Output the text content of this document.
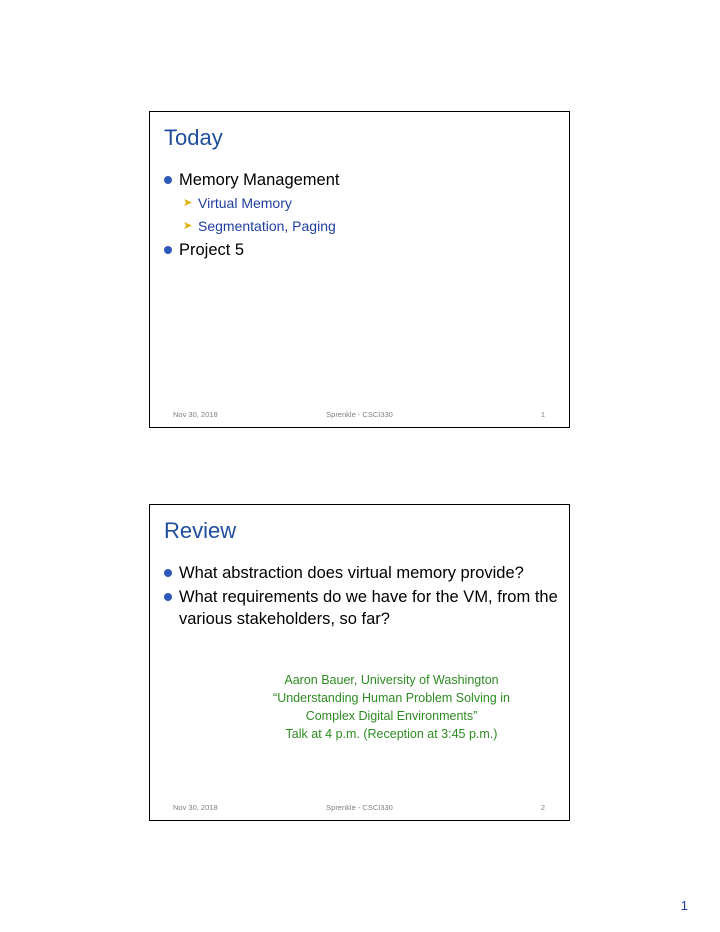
Today
Memory Management
➤ Virtual Memory
➤ Segmentation, Paging
Project 5
Nov 30, 2018	Sprenkle - CSCI330	1
Review
What abstraction does virtual memory provide?
What requirements do we have for the VM, from the various stakeholders, so far?
Aaron Bauer, University of Washington
“Understanding Human Problem Solving in
Complex Digital Environments”
Talk at 4 p.m. (Reception at 3:45 p.m.)
Nov 30, 2018	Sprenkle - CSCI330	2
1
